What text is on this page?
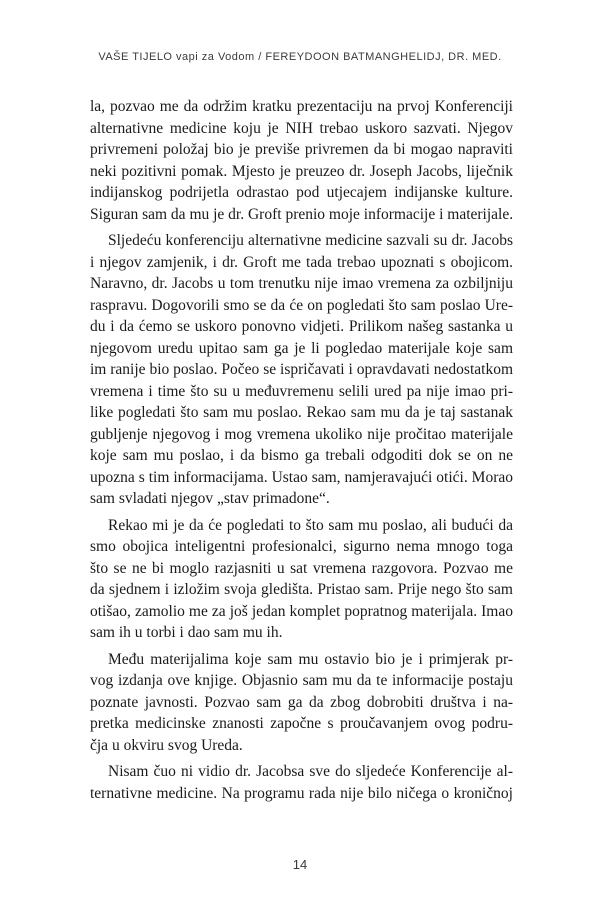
VAŠE TIJELO vapi za Vodom / FEREYDOON BATMANGHELIDJ, DR. MED.
la, pozvao me da održim kratku prezentaciju na prvoj Konferenciji
alternativne medicine koju je NIH trebao uskoro sazvati. Njegov
privremeni položaj bio je previše privremen da bi mogao napraviti
neki pozitivni pomak. Mjesto je preuzeo dr. Joseph Jacobs, liječnik
indijanskog podrijetla odrastao pod utjecajem indijanske kulture.
Siguran sam da mu je dr. Groft prenio moje informacije i materijale.
Sljedeću konferenciju alternativne medicine sazvali su dr. Jacobs
i njegov zamjenik, i dr. Groft me tada trebao upoznati s obojicom.
Naravno, dr. Jacobs u tom trenutku nije imao vremena za ozbiljniju
raspravu. Dogovorili smo se da će on pogledati što sam poslao Ure-
du i da ćemo se uskoro ponovno vidjeti. Prilikom našeg sastanka u
njegovom uredu upitao sam ga je li pogledao materijale koje sam
im ranije bio poslao. Počeo se ispričavati i opravdavati nedostatkom
vremena i time što su u međuvremenu selili ured pa nije imao pri-
like pogledati što sam mu poslao. Rekao sam mu da je taj sastanak
gubljenje njegovog i mog vremena ukoliko nije pročitao materijale
koje sam mu poslao, i da bismo ga trebali odgoditi dok se on ne
upozna s tim informacijama. Ustao sam, namjeravajući otići. Morao
sam svladati njegov „stav primadone“.
Rekao mi je da će pogledati to što sam mu poslao, ali budući da
smo obojica inteligentni profesionalci, sigurno nema mnogo toga
što se ne bi moglo razjasniti u sat vremena razgovora. Pozvao me
da sjednem i izložim svoja gledišta. Pristao sam. Prije nego što sam
otišao, zamolio me za još jedan komplet popratnog materijala. Imao
sam ih u torbi i dao sam mu ih.
Među materijalima koje sam mu ostavio bio je i primjerak pr-
vog izdanja ove knjige. Objasnio sam mu da te informacije postaju
poznate javnosti. Pozvao sam ga da zbog dobrobiti društva i na-
pretka medicinske znanosti započne s proučavanjem ovog podru-
čja u okviru svog Ureda.
Nisam čuo ni vidio dr. Jacobsa sve do sljedeće Konferencije al-
ternativne medicine. Na programu rada nije bilo ničega o kroničnoj
14
